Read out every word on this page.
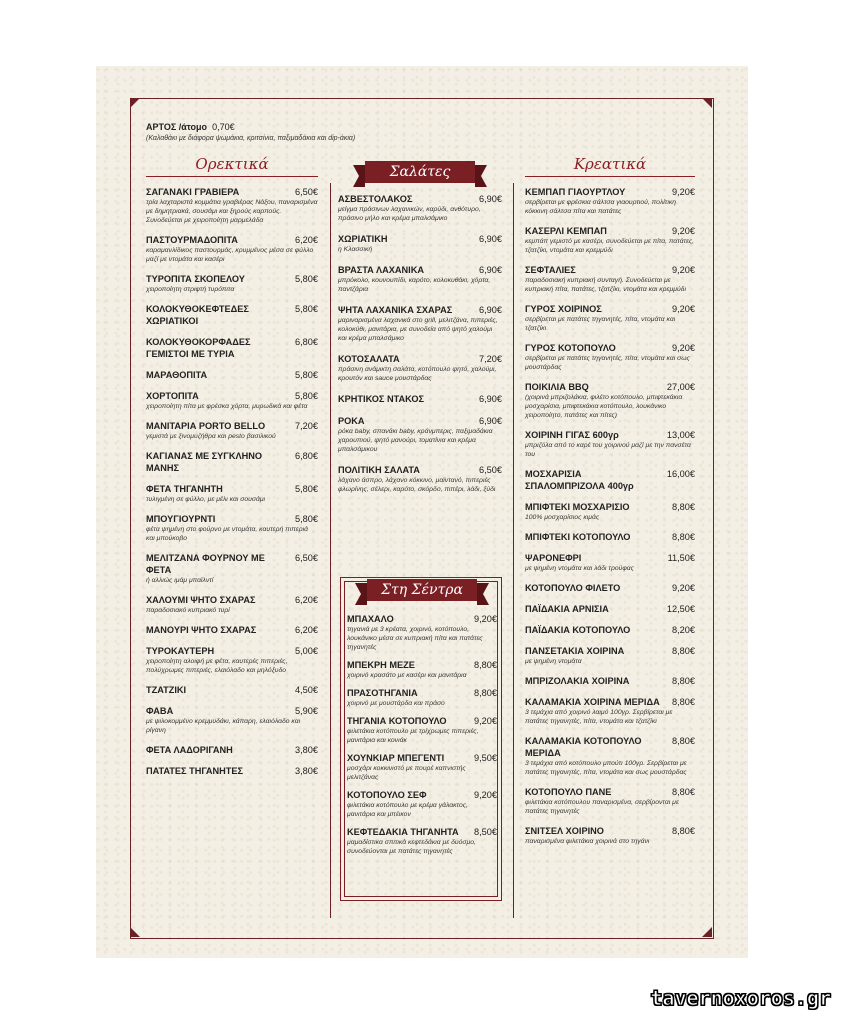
ΑΡΤΟΣ /άτομο 0,70€
(Καλαθάκι με διάφορα ψωμάκια, κριτσίνια, παξιμαδάκια και dip-άκια)
Ορεκτικά
ΣΑΓΑΝΑΚΙ ΓΡΑΒΙΕΡΑ	6,50€
τρία λαχταριστά κομμάτια γραβιέρας Νάξου, παναρισμένα με δημητριακά, σουσάμι και ξηρούς καρπούς. Συνοδεύεται με χειροποίητη μαρμελάδα
ΠΑΣΤΟΥΡΜΑΔΟΠΙΤΑ	6,20€
καραμανλίδικος παστουρμάς, κρυμμένος μέσα σε φύλλο μαζί με ντομάτα και κασέρι
ΤΥΡΟΠΙΤΑ ΣΚΟΠΕΛΟΥ	5,80€
χειροποίητη στριφτή τυρόπιτα
ΚΟΛΟΚΥΘΟΚΕΦΤΕΔΕΣ ΧΩΡΙΑΤΙΚΟΙ
5,80€
ΚΟΛΟΚΥΘΟΚΟΡΦΑΔΕΣ ΓΕΜΙΣΤΟΙ ΜΕ ΤΥΡΙΑ
6,80€
ΜΑΡΑΘΟΠΙΤΑ	5,80€
ΧΟΡΤΟΠΙΤΑ	5,80€
χειροποίητη πίτα με φρέσκα χόρτα, μυρωδικά και φέτα
ΜΑΝΙΤΑΡΙΑ PORTO BELLO	7,20€
γεμιστά με ξινομυζήθρα και pesto βασιλικού
ΚΑΓΙΑΝΑΣ ΜΕ ΣΥΓΚΛΗΝΟ ΜΑΝΗΣ
6,80€
ΦΕΤΑ ΤΗΓΑΝΗΤΗ	5,80€
τυλιγμένη σε φύλλο, με μέλι και σουσάμι
ΜΠΟΥΓΙΟΥΡΝΤΙ	5,80€
φέτα ψημένη στο φούρνο με ντομάτα, καυτερή πιπεριά και μπούκοβο
ΜΕΛΙΤΖΑΝΑ ΦΟΥΡΝΟΥ ΜΕ ΦΕΤΑ
6,50€
ή αλλιώς ιμάμ μπαϊλντί
ΧΑΛΟΥΜΙ ΨΗΤΟ ΣΧΑΡΑΣ	6,20€
παραδοσιακό κυπριακό τυρί
ΜΑΝΟΥΡΙ ΨΗΤΟ ΣΧΑΡΑΣ	6,20€
ΤΥΡΟΚΑΥΤΕΡΗ	5,00€
χειροποίητη αλοιφή με φέτα, καυτερές πιπεριές, πολύχρωμες πιπεριές, ελαιόλαδο και μηλόξυδο
ΤΖΑΤΖΙΚΙ	4,50€
ΦΑΒΑ	5,90€
με ψιλοκομμένο κρεμμυδάκι, κάπαρη, ελαιόλαδο και ρίγανη
ΦΕΤΑ ΛΑΔΟΡΙΓΑΝΗ	3,80€
ΠΑΤΑΤΕΣ ΤΗΓΑΝΗΤΕΣ	3,80€
Σαλάτες
ΑΣΒΕΣΤΟΛΑΚΟΣ	6,90€
μείγμα πράσινων λαχανικών, καρύδι, ανθότυρο, πράσινο μήλο και κρέμα μπαλσάμικο
ΧΩΡΙΑΤΙΚΗ	6,90€
η Κλασσική
ΒΡΑΣΤΑ ΛΑΧΑΝΙΚΑ	6,90€
μπρόκολο, κουνουπίδι, καρότο, κολοκυθάκι, χόρτα, παντζάρια
ΨΗΤΑ ΛΑΧΑΝΙΚΑ ΣΧΑΡΑΣ	6,90€
μαριναρισμένα λαχανικά στο grill, μελιτζάνα, πιπεριές, κολοκύθι, μανιτάρια, με συνοδεία από ψητό χαλούμι και κρέμα μπαλσάμικο
ΚΟΤΟΣΑΛΑΤΑ	7,20€
πράσινη ανάμικτη σαλάτα, κοτόπουλο ψητό, χαλούμι, κρουτόν και sauce μουστάρδας
ΚΡΗΤΙΚΟΣ ΝΤΑΚΟΣ	6,90€
ΡΟΚΑ	6,90€
ρόκα baby, σπανάκι baby, κράνμπερις, παξιμαδάκια χαρουπιού, ψητό μανούρι, τοματίνια και κρέμα μπαλσάμικου
ΠΟΛΙΤΙΚΗ ΣΑΛΑΤΑ	6,50€
λάχανο άσπρο, λάχανο κόκκινο, μαϊντανό, πιπεριές φλωρίνης, σέλερι, καρότο, σκόρδο, πιπέρι, λάδι, ξύδι
Στη Σέντρα
ΜΠΑΧΑΛΟ	9,20€
τηγανιά με 3 κρέατα, χοιρινό, κοτόπουλο, λουκάνικο μέσα σε κυπριακή πίτα και πατάτες τηγανητές
ΜΠΕΚΡΗ ΜΕΖΕ	8,80€
χοιρινό κρασάτο με κασέρι και μανιτάρια
ΠΡΑΣΟΤΗΓΑΝΙΑ	8,80€
χοιρινό με μουστάρδα και πράσο
ΤΗΓΑΝΙΑ ΚΟΤΟΠΟΥΛΟ	9,20€
φιλετάκια κοτόπουλο με τρίχρωμες πιπεριές, μανιτάρια και κονιάκ
ΧΟΥΝΚΙΑΡ ΜΠΕΓΕΝΤΙ	9,50€
μοσχάρι κοκκινιστό με πουρέ καπνιστής μελιτζάνας
ΚΟΤΟΠΟΥΛΟ ΣΕΦ	9,20€
φιλετάκια κοτόπουλο με κρέμα γάλακτος, μανιτάρια και μπέικον
ΚΕΦΤΕΔΑΚΙΑ ΤΗΓΑΝΗΤΑ	8,50€
μαμαδίστικα σπιτικά κεφτεδάκια με δυόσμο, συνοδεύονται με πατάτες τηγανητές
Κρεατικά
ΚΕΜΠΑΠ ΓΙΑΟΥΡΤΛΟΥ	9,20€
σερβίρεται με φρέσκια σάλτσα γιαουρτιού, πολίτικη κόκκινη σάλτσα πίτα και πατάτες
ΚΑΣΕΡΛΙ ΚΕΜΠΑΠ	9,20€
κεμπάπ γεμιστό με κασέρι, συνοδεύεται με πίτα, πατάτες, τζατζίκι, ντομάτα και κρεμμύδι
ΣΕΦΤΑΛΙΕΣ	9,20€
παραδοσιακή κυπριακή συνταγή. Συνοδεύεται με κυπριακή πίτα, πατάτες, τζατζίκι, ντομάτα και κρεμμύδι
ΓΥΡΟΣ ΧΟΙΡΙΝΟΣ	9,20€
σερβίρεται με πατάτες τηγανητές, πίτα, ντομάτα και τζατζίκι
ΓΥΡΟΣ ΚΟΤΟΠΟΥΛΟ	9,20€
σερβίρεται με πατάτες τηγανητές, πίτα, ντομάτα και σως μουστάρδας
ΠΟΙΚΙΛΙΑ BBQ	27,00€
(χοιρινά μπριζολάκια, φιλέτο κοτόπουλο, μπιφτεκάκια μοσχαρίσια, μπιφτεκάκια κοτόπουλο, λουκάνικο χειροποίητο, πατάτες και πίτες)
ΧΟΙΡΙΝΗ ΓΙΓΑΣ 600γρ	13,00€
μπριζόλα από το καρέ του χοιρινού μαζί με την πανσέτα του
ΜΟΣΧΑΡΙΣΙΑ ΣΠΑΛΟΜΠΡΙΖΟΛΑ 400γρ
16,00€
ΜΠΙΦΤΕΚΙ ΜΟΣΧΑΡΙΣΙΟ	8,80€
100% μοσχαρίσιος κιμάς
ΜΠΙΦΤΕΚΙ ΚΟΤΟΠΟΥΛΟ	8,80€
ΨΑΡΟΝΕΦΡΙ	11,50€
με ψημένη ντομάτα και λάδι τρούφας
ΚΟΤΟΠΟΥΛΟ ΦΙΛΕΤΟ	9,20€
ΠΑΪΔΑΚΙΑ ΑΡΝΙΣΙΑ	12,50€
ΠΑΪΔΑΚΙΑ ΚΟΤΟΠΟΥΛΟ	8,20€
ΠΑΝΣΕΤΑΚΙΑ ΧΟΙΡΙΝΑ	8,80€
με ψημένη ντομάτα
ΜΠΡΙΖΟΛΑΚΙΑ ΧΟΙΡΙΝΑ	8,80€
ΚΑΛΑΜΑΚΙΑ ΧΟΙΡΙΝΑ ΜΕΡΙΔΑ	8,80€
3 τεμάχια από χοιρινό λαιμό 100γρ. Σερβίρεται με πατάτες τηγανητές, πίτα, ντομάτα και τζατζίκι
ΚΑΛΑΜΑΚΙΑ ΚΟΤΟΠΟΥΛΟ ΜΕΡΙΔΑ
8,80€
3 τεμάχια από κοτόπουλο μπούτι 100γρ. Σερβίρεται με πατάτες τηγανητές, πίτα, ντομάτα και σως μουστάρδας
ΚΟΤΟΠΟΥΛΟ ΠΑΝΕ	8,80€
φιλετάκια κοτόπουλου παναρισμένα, σερβίρονται με πατάτες τηγανητές
ΣΝΙΤΣΕΛ ΧΟΙΡΙΝΟ	8,80€
παναρισμένα φιλετάκια χοιρινά στο τηγάνι
tavernoxoros.gr
